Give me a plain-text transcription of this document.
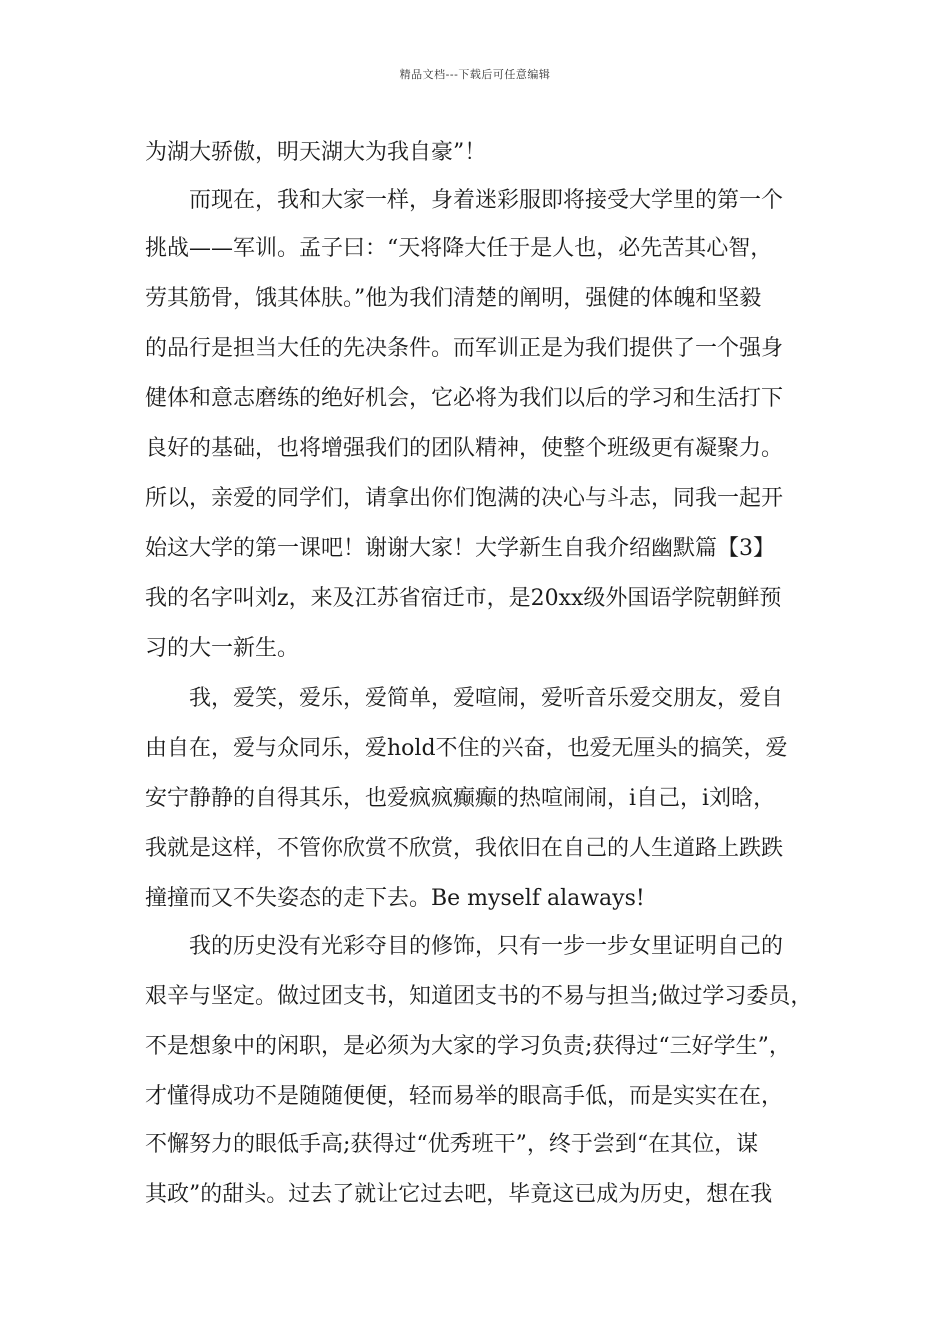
精品文档---下载后可任意编辑
为湖大骄傲，明天湖大为我自豪”！
而现在，我和大家一样，身着迷彩服即将接受大学里的第一个
挑战——军训。孟子曰：“天将降大任于是人也，必先苦其心智，
劳其筋骨，饿其体肤。”他为我们清楚的阐明，强健的体魄和坚毅
的品行是担当大任的先决条件。而军训正是为我们提供了一个强身
健体和意志磨练的绝好机会，它必将为我们以后的学习和生活打下
良好的基础，也将增强我们的团队精神，使整个班级更有凝聚力。
所以，亲爱的同学们，请拿出你们饱满的决心与斗志，同我一起开
始这大学的第一课吧！谢谢大家！大学新生自我介绍幽默篇【3】
我的名字叫刘z，来及江苏省宿迁市，是20xx级外国语学院朝鲜预
习的大一新生。
我，爱笑，爱乐，爱简单，爱喧闹，爱听音乐爱交朋友，爱自
由自在，爱与众同乐，爱hold不住的兴奋，也爱无厘头的搞笑，爱
安宁静静的自得其乐，也爱疯疯癫癫的热喧闹闹，i自己，i刘晗，
我就是这样，不管你欣赏不欣赏，我依旧在自己的人生道路上跌跌
撞撞而又不失姿态的走下去。Be myself alaways!
我的历史没有光彩夺目的修饰，只有一步一步女里证明自己的
艰辛与坚定。做过团支书，知道团支书的不易与担当;做过学习委员，
不是想象中的闲职，是必须为大家的学习负责;获得过“三好学生”，
才懂得成功不是随随便便，轻而易举的眼高手低，而是实实在在，
不懈努力的眼低手高;获得过“优秀班干”，终于尝到“在其位，谋
其政”的甜头。过去了就让它过去吧，毕竟这已成为历史，想在我
